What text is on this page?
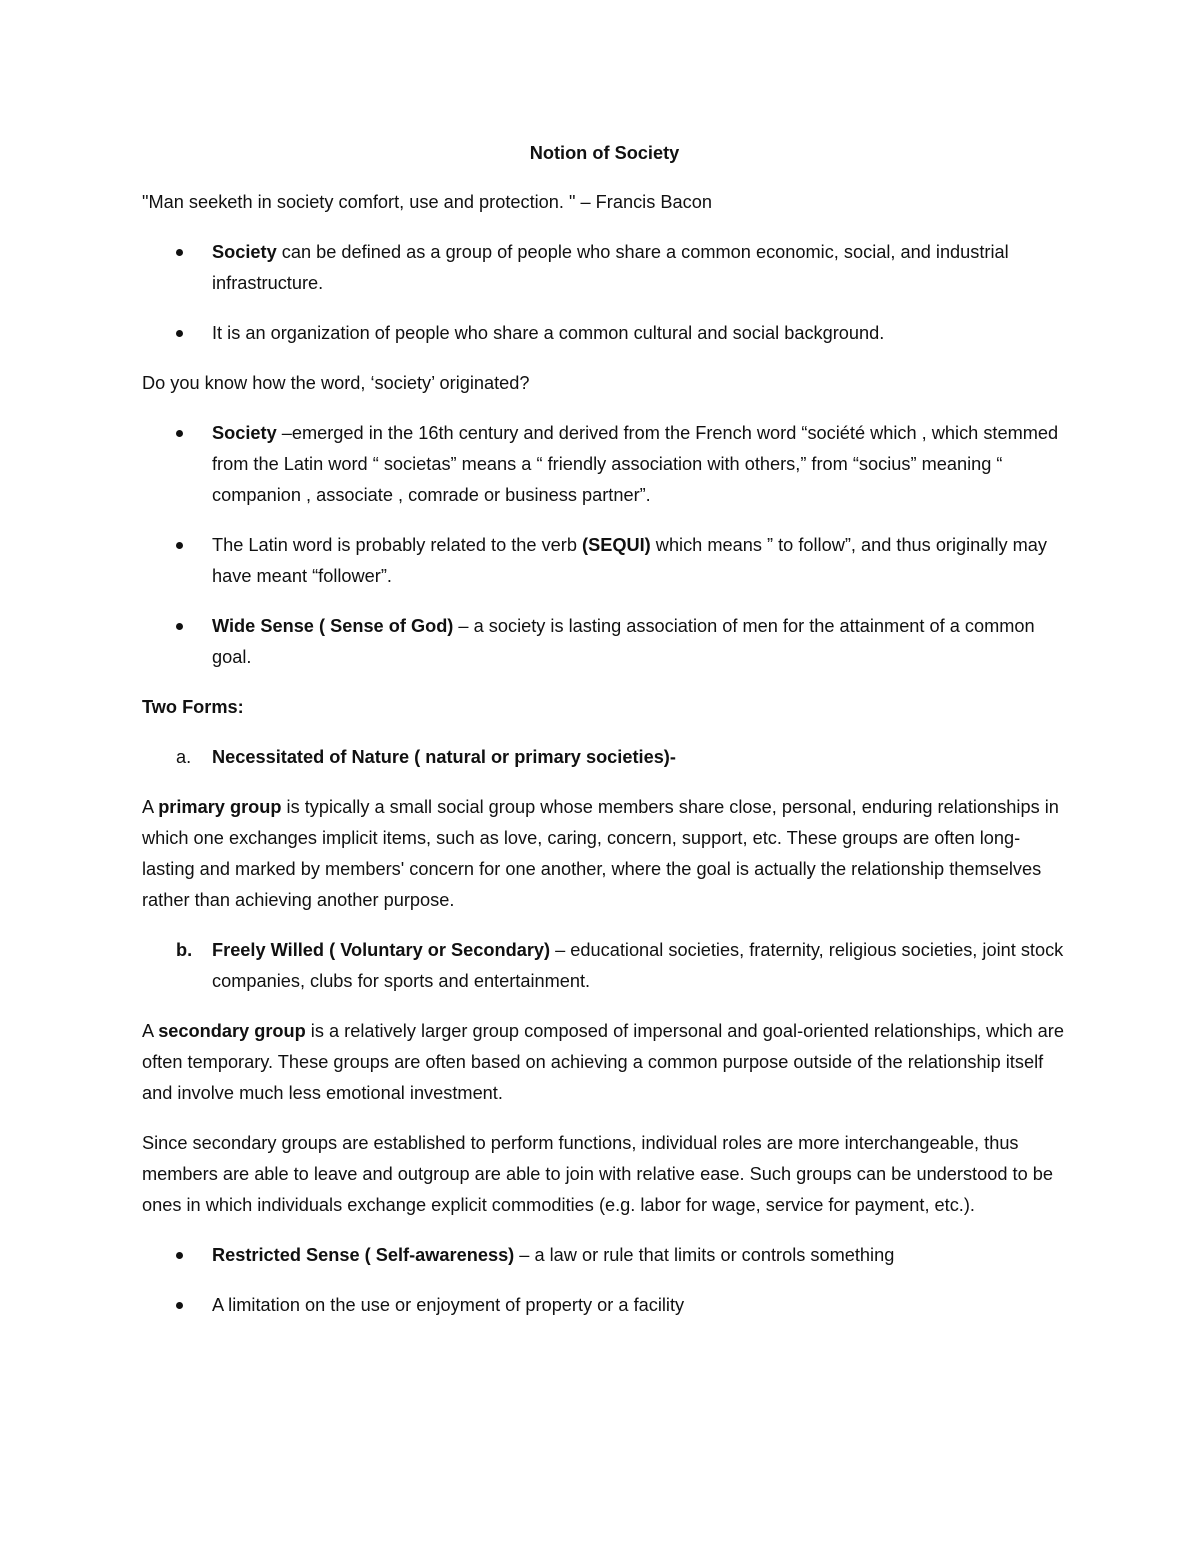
Notion of Society

"Man seeketh in society comfort, use and protection. " – Francis Bacon

Society can be defined as a group of people who share a common economic, social, and industrial infrastructure.
It is an organization of people who share a common cultural and social background.

Do you know how the word, ‘society’ originated?

Society –emerged in the 16th century and derived from the French word “société which , which stemmed from the Latin word “ societas” means a “ friendly association with others,” from “socius” meaning “ companion , associate , comrade or business partner”.
The Latin word is probably related to the verb (SEQUI) which means ” to follow”, and thus originally may have meant “follower”.
Wide Sense ( Sense of God) – a society is lasting association of men for the attainment of a common goal.

Two Forms:

a. Necessitated of Nature ( natural or primary societies)-

A primary group is typically a small social group whose members share close, personal, enduring relationships in which one exchanges implicit items, such as love, caring, concern, support, etc. These groups are often long-lasting and marked by members' concern for one another, where the goal is actually the relationship themselves rather than achieving another purpose.

b. Freely Willed ( Voluntary or Secondary) – educational societies, fraternity, religious societies, joint stock companies, clubs for sports and entertainment.

A secondary group is a relatively larger group composed of impersonal and goal-oriented relationships, which are often temporary. These groups are often based on achieving a common purpose outside of the relationship itself and involve much less emotional investment.

Since secondary groups are established to perform functions, individual roles are more interchangeable, thus members are able to leave and outgroup are able to join with relative ease. Such groups can be understood to be ones in which individuals exchange explicit commodities (e.g. labor for wage, service for payment, etc.).

Restricted Sense ( Self-awareness) – a law or rule that limits or controls something
A limitation on the use or enjoyment of property or a facility
